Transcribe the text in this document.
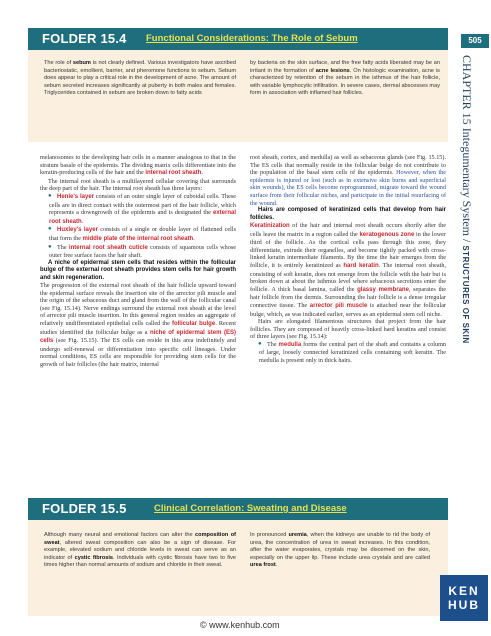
FOLDER 15.4 Functional Considerations: The Role of Sebum
The role of sebum is not clearly defined. Various investigators have ascribed bacteriostatic, emollient, barrier, and pheromone functions to sebum. Sebum does appear to play a critical role in the development of acne. The amount of sebum secreted increases significantly at puberty in both males and females. Triglycerides contained in sebum are broken down to fatty acids
by bacteria on the skin surface, and the free fatty acids liberated may be an irritant in the formation of acne lesions. On histologic examination, acne is characterized by retention of the sebum in the isthmus of the hair follicle, with variable lymphocytic infiltration. In severe cases, dermal abscesses may form in association with inflamed hair follicles.
505
CHAPTER 15 Integumentary System / STRUCTURES OF SKIN

melanosomes to the developing hair cells in a manner analogous to that in the stratum basale of the epidermis. The dividing matrix cells differentiate into the keratin-producing cells of the hair and the internal root sheath.

The internal root sheath is a multilayered cellular covering that surrounds the deep part of the hair. The internal root sheath has three layers:

● Henle's layer consists of an outer single layer of cuboidal cells. These cells are in direct contact with the outermost part of the hair follicle, which represents a downgrowth of the epidermis and is designated the external root sheath.

● Huxley's layer consists of a single or double layer of flattened cells that form the middle plate of the internal root sheath.

● The internal root sheath cuticle consists of squamous cells whose outer free surface faces the hair shaft.

A niche of epidermal stem cells that resides within the follicular bulge of the external root sheath provides stem cells for hair growth and skin regeneration.

The progression of the external root sheath of the hair follicle upward toward the epidermal surface reveals the insertion site of the arrector pili muscle and the origin of the sebaceous duct and gland from the wall of the follicular canal (see Fig. 15.14). Nerve endings surround the external root sheath at the level of arrector pili muscle insertion. In this general region resides an aggregate of relatively undifferentiated epithelial cells called the follicular bulge. Recent studies identified the follicular bulge as a niche of epidermal stem (ES) cells (see Fig. 15.15). The ES cells can reside in this area indefinitely and undergo self-renewal or differentiation into specific cell lineages. Under normal conditions, ES cells are responsible for providing stem cells for the growth of hair follicles (the hair matrix, internal

root sheath, cortex, and medulla) as well as sebaceous glands (see Fig. 15.15). The ES cells that normally reside in the follicular bulge do not contribute to the population of the basal stem cells of the epidermis. However, when the epidermis is injured or lost (such as in extensive skin burns and superficial skin wounds), the ES cells become reprogrammed, migrate toward the wound surface from their follicular niches, and participate in the initial resurfacing of the wound.

Hairs are composed of keratinized cells that develop from hair follicles.

Keratinization of the hair and internal root sheath occurs shortly after the cells leave the matrix in a region called the keratogenous zone in the lower third of the follicle. As the cortical cells pass through this zone, they differentiate, extrude their organelles, and become tightly packed with cross-linked keratin intermediate filaments. By the time the hair emerges from the follicle, it is entirely keratinized as hard keratin. The internal root sheath, consisting of soft keratin, does not emerge from the follicle with the hair but is broken down at about the isthmus level where sebaceous secretions enter the follicle. A thick basal lamina, called the glassy membrane, separates the hair follicle from the dermis. Surrounding the hair follicle is a dense irregular connective tissue. The arrector pili muscle is attached near the follicular bulge, which, as was indicated earlier, serves as an epidermal stem cell niche.

Hairs are elongated filamentous structures that project from the hair follicles. They are composed of heavily cross-linked hard keratins and consist of three layers (see Fig. 15.14):

● The medulla forms the central part of the shaft and contains a column of large, loosely connected keratinized cells containing soft keratin. The medulla is present only in thick hairs.

FOLDER 15.5	Clinical Correlation: Sweating and Disease
Although many neural and emotional factors can alter the composition of sweat, altered sweat composition can also be a sign of disease. For example, elevated sodium and chloride levels in sweat can serve as an indicator of cystic fibrosis. Individuals with cystic fibrosis have two to five times higher than normal amounts of sodium and chloride in their sweat.
In pronounced uremia, when the kidneys are unable to rid the body of urea, the concentration of urea in sweat increases. In this condition, after the water evaporates, crystals may be discerned on the skin, especially on the upper lip. These include urea crystals and are called urea frost.
KEN
HUB
© www.kenhub.com
